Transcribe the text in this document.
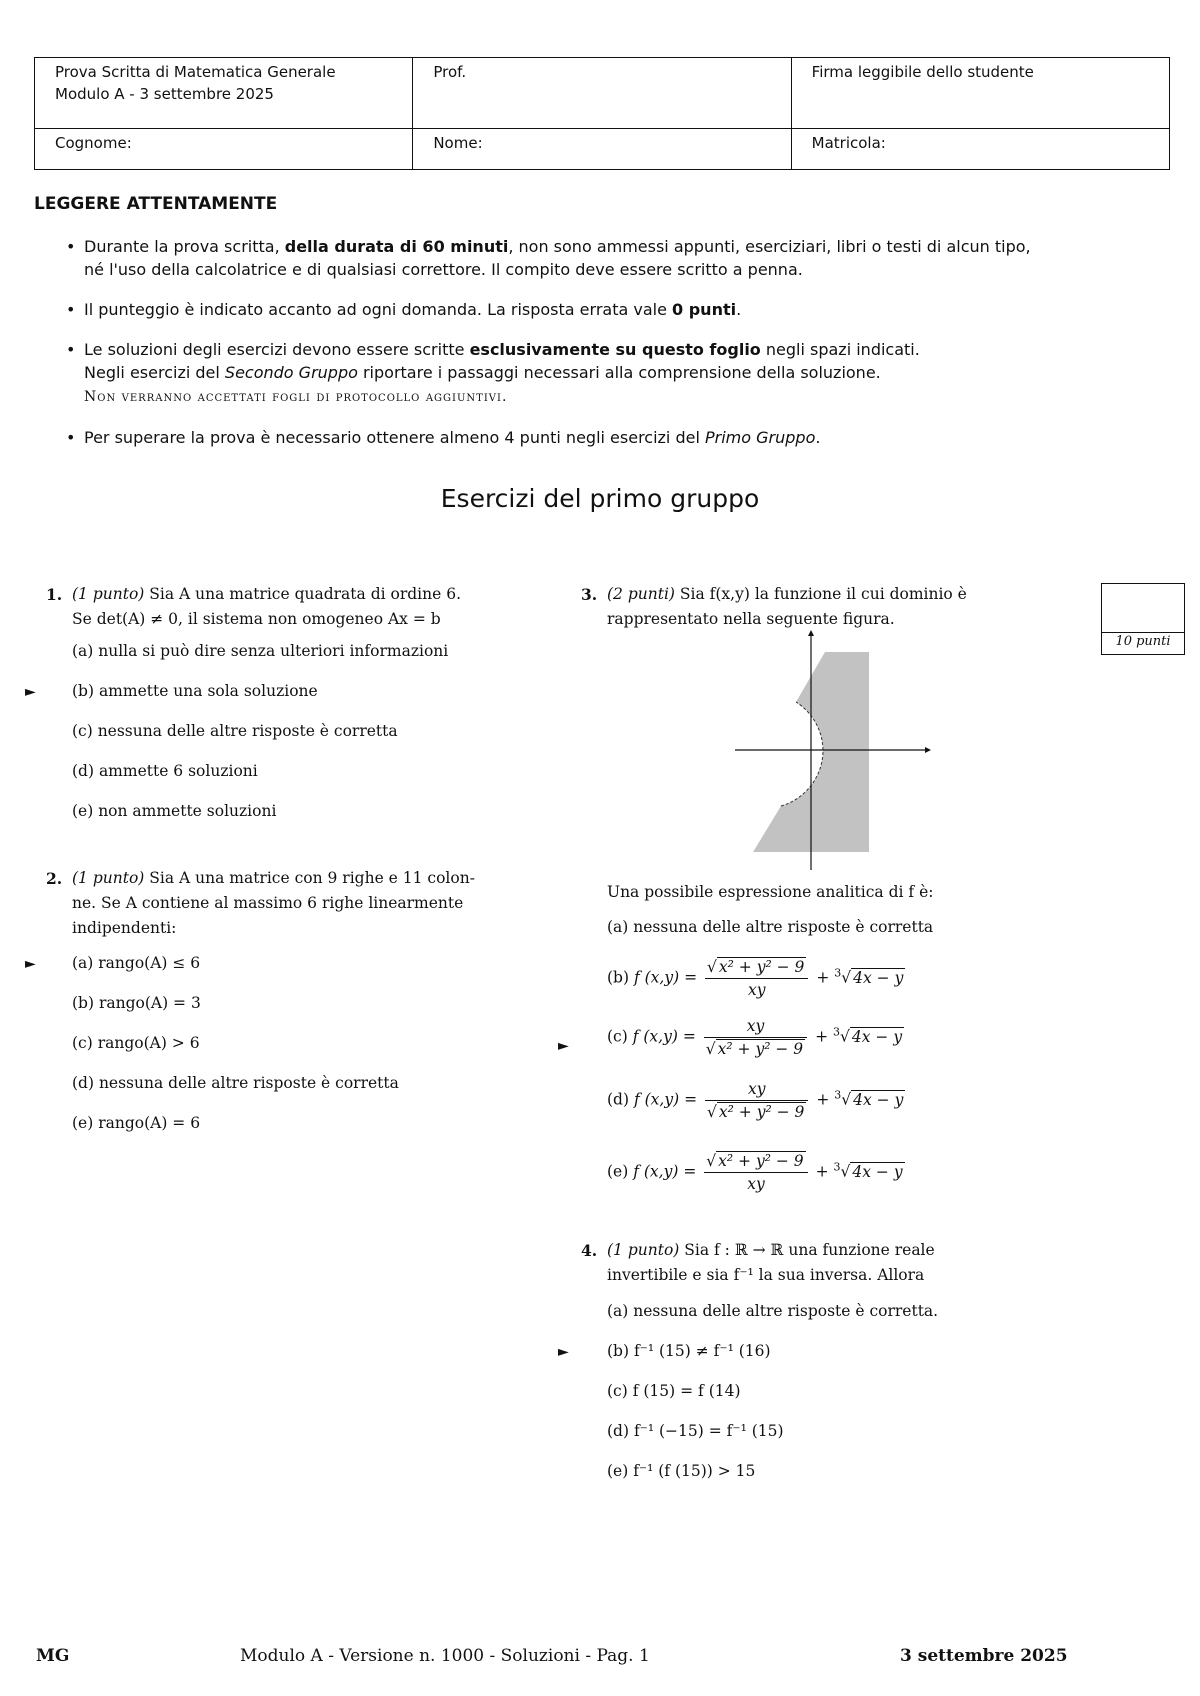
Prova Scritta di Matematica Generale
Modulo A - 3 settembre 2025	Prof.	Firma leggibile dello studente

Cognome:	Nome:	Matricola:
LEGGERE ATTENTAMENTE
• Durante la prova scritta, della durata di 60 minuti, non sono ammessi appunti, eserciziari, libri o testi di alcun tipo,
né l'uso della calcolatrice e di qualsiasi correttore. Il compito deve essere scritto a penna.
• Il punteggio è indicato accanto ad ogni domanda. La risposta errata vale 0 punti.
• Le soluzioni degli esercizi devono essere scritte esclusivamente su questo foglio negli spazi indicati.
Negli esercizi del Secondo Gruppo riportare i passaggi necessari alla comprensione della soluzione.
Non verranno accettati fogli di protocollo aggiuntivi.
• Per superare la prova è necessario ottenere almeno 4 punti negli esercizi del Primo Gruppo.
Esercizi del primo gruppo
10 punti
1. (1 punto) Sia A una matrice quadrata di ordine 6.
Se det(A) ≠ 0, il sistema non omogeneo Ax = b
(a) nulla si può dire senza ulteriori informazioni
► (b) ammette una sola soluzione
(c) nessuna delle altre risposte è corretta
(d) ammette 6 soluzioni
(e) non ammette soluzioni
2. (1 punto) Sia A una matrice con 9 righe e 11 colon-
ne. Se A contiene al massimo 6 righe linearmente
indipendenti:
► (a) rango(A) ≤ 6
(b) rango(A) = 3
(c) rango(A) > 6
(d) nessuna delle altre risposte è corretta
(e) rango(A) = 6
3. (2 punti) Sia f(x,y) la funzione il cui dominio è
rappresentato nella seguente figura.
Una possibile espressione analitica di f è:
(a) nessuna delle altre risposte è corretta
(b) f $(x,y) = \frac{\text{√ x² + y² − 9}}{xy} + ^3√$ 4x − y
►
(c) f $(x,y) = \frac{xy}{\text{√ x² + y² − 9}} + ^3√$ 4x − y
(d) f $(x,y) = \frac{xy}{\text{√ x² + y² − 9}} + ^3√$ 4x − y
(e) f $(x,y) = \frac{\text{√ x² + y² − 9}}{xy} + ^3√$ 4x − y
4. (1 punto) Sia f : ℝ → ℝ una funzione reale
invertibile e sia f⁻¹ la sua inversa. Allora
(a) nessuna delle altre risposte è corretta.
► (b) f⁻¹ (15) ≠ f⁻¹ (16)
(c) f (15) = f (14)
(d) f⁻¹ (−15) = f⁻¹ (15)
(e) f⁻¹ (f (15)) > 15
MG	Modulo A - Versione n. 1000 - Soluzioni - Pag. 1	3 settembre 2025
